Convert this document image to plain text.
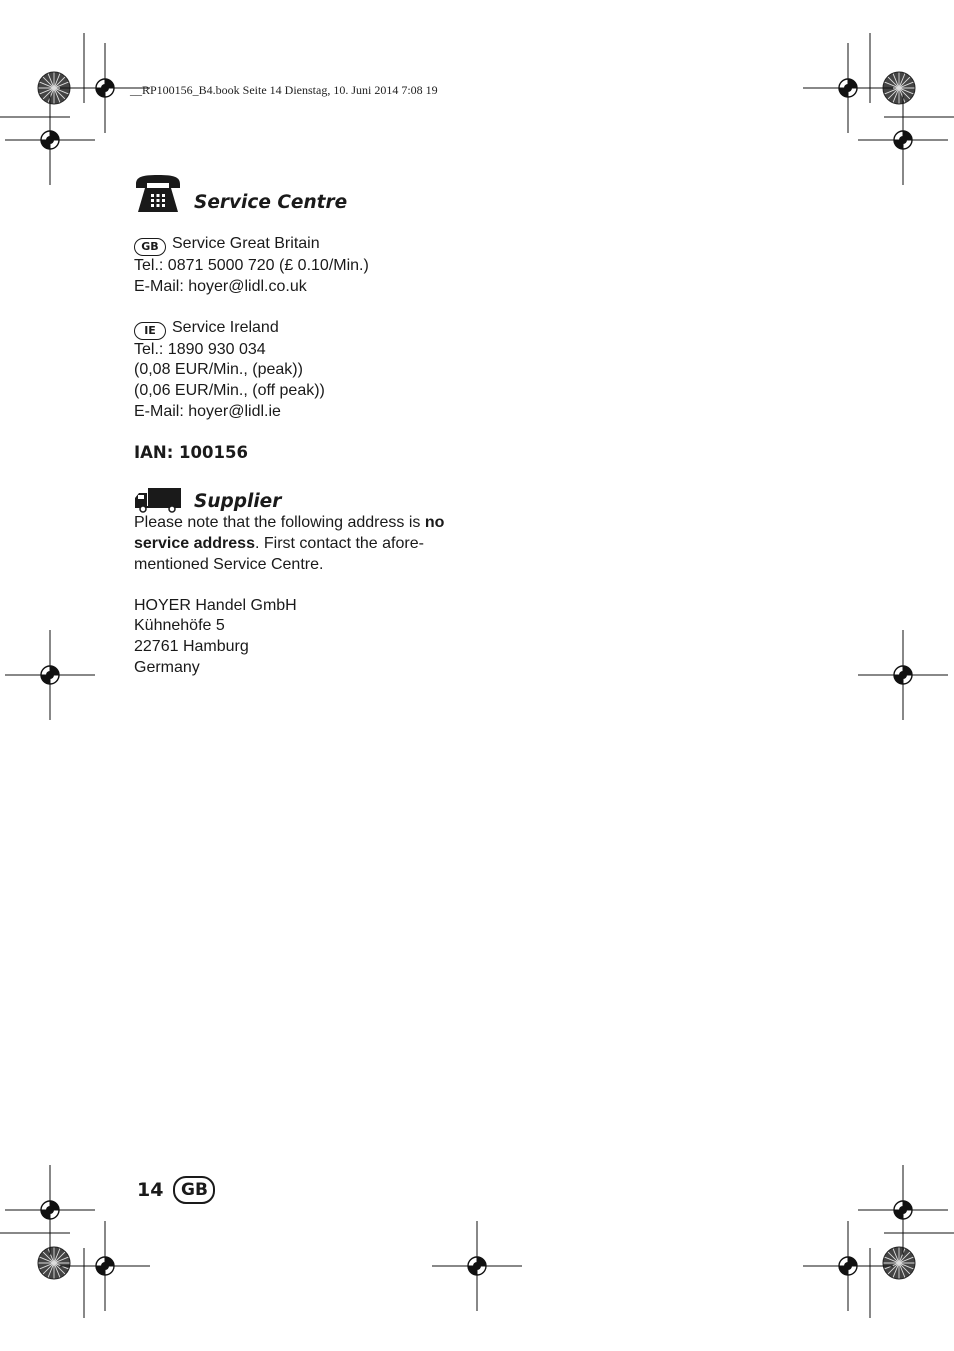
__RP100156_B4.book Seite 14 Dienstag, 10. Juni 2014 7:08 19
Service Centre
GB Service Great Britain
Tel.: 0871 5000 720 (£ 0.10/Min.)
E-Mail: hoyer@lidl.co.uk
IE Service Ireland
Tel.: 1890 930 034
(0,08 EUR/Min., (peak))
(0,06 EUR/Min., (off peak))
E-Mail: hoyer@lidl.ie
IAN: 100156
Supplier
Please note that the following address is no
service address. First contact the afore-
mentioned Service Centre.
HOYER Handel GmbH
Kühnehöfe 5
22761 Hamburg
Germany
14	GB
